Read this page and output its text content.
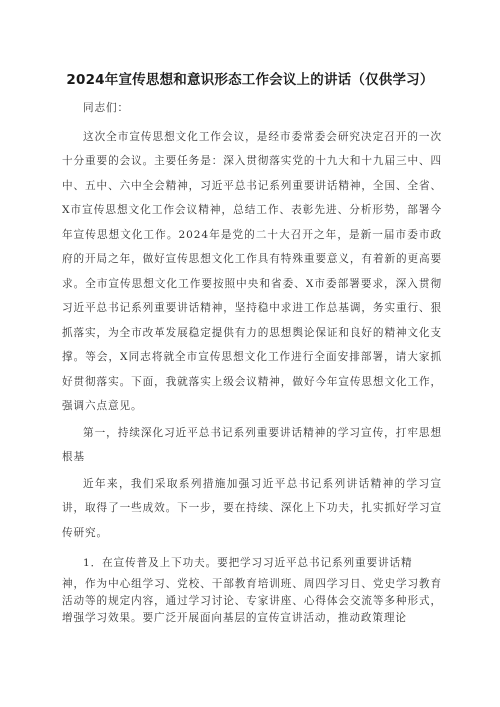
2024年宣传思想和意识形态工作会议上的讲话（仅供学习）

同志们：

这次全市宣传思想文化工作会议，是经市委常委会研究决定召开的一次十分重要的会议。主要任务是：深入贯彻落实党的十九大和十九届三中、四中、五中、六中全会精神，习近平总书记系列重要讲话精神，全国、全省、X市宣传思想文化工作会议精神，总结工作、表彰先进、分析形势，部署今年宣传思想文化工作。2024年是党的二十大召开之年，是新一届市委市政府的开局之年，做好宣传思想文化工作具有特殊重要意义，有着新的更高要求。全市宣传思想文化工作要按照中央和省委、X市委部署要求，深入贯彻习近平总书记系列重要讲话精神，坚持稳中求进工作总基调，务实重行、狠抓落实，为全市改革发展稳定提供有力的思想舆论保证和良好的精神文化支撑。等会，X同志将就全市宣传思想文化工作进行全面安排部署，请大家抓好贯彻落实。下面，我就落实上级会议精神，做好今年宣传思想文化工作，强调六点意见。

第一，持续深化习近平总书记系列重要讲话精神的学习宣传，打牢思想根基

近年来，我们采取系列措施加强习近平总书记系列讲话精神的学习宣讲，取得了一些成效。下一步，要在持续、深化上下功夫，扎实抓好学习宣传研究。

1．在宣传普及上下功夫。要把学习习近平总书记系列重要讲话精
神，作为中心组学习、党校、干部教育培训班、周四学习日、党史学习教育活动等的规定内容，通过学习讨论、专家讲座、心得体会交流等多种形式，增强学习效果。要广泛开展面向基层的宣传宣讲活动，推动政策理论
